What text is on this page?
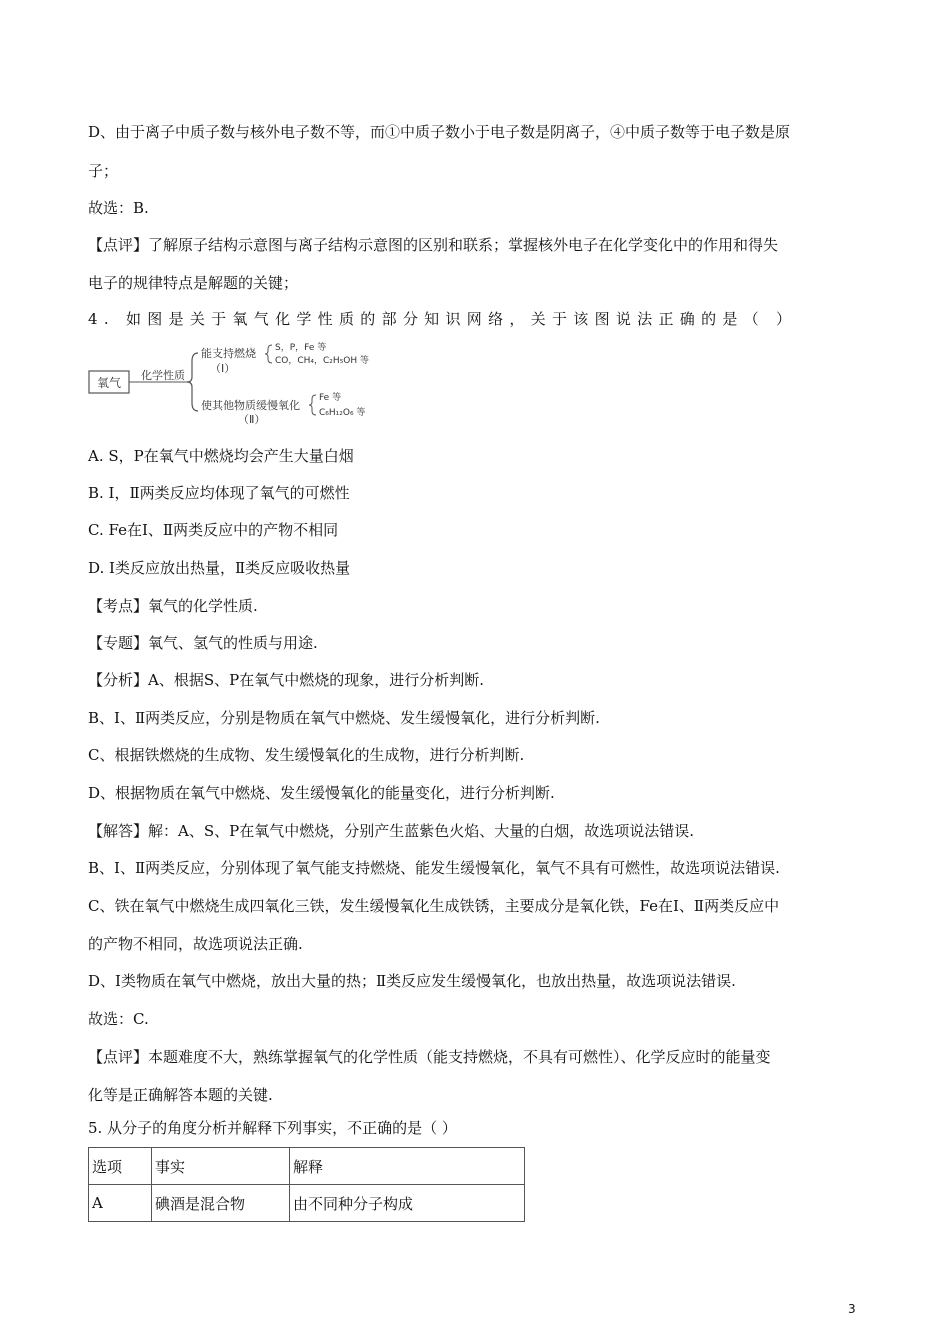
D、由于离子中质子数与核外电子数不等，而①中质子数小于电子数是阴离子，④中质子数等于电子数是原
子；
故选：B.
【点评】了解原子结构示意图与离子结构示意图的区别和联系；掌握核外电子在化学变化中的作用和得失
电子的规律特点是解题的关键；
4. 如图是关于氧气化学性质的部分知识网络，关于该图说法正确的是（ ）
氧气
化学性质
能支持燃烧
（Ⅰ）
S，P，Fe 等
CO，CH₄，C₂H₅OH 等
使其他物质缓慢氧化
（Ⅱ）
Fe 等
C₆H₁₂O₆ 等
A. S，P在氧气中燃烧均会产生大量白烟
B. Ⅰ，Ⅱ两类反应均体现了氧气的可燃性
C. Fe在Ⅰ、Ⅱ两类反应中的产物不相同
D. Ⅰ类反应放出热量，Ⅱ类反应吸收热量
【考点】氧气的化学性质.
【专题】氧气、氢气的性质与用途.
【分析】A、根据S、P在氧气中燃烧的现象，进行分析判断.
B、Ⅰ、Ⅱ两类反应，分别是物质在氧气中燃烧、发生缓慢氧化，进行分析判断.
C、根据铁燃烧的生成物、发生缓慢氧化的生成物，进行分析判断.
D、根据物质在氧气中燃烧、发生缓慢氧化的能量变化，进行分析判断.
【解答】解：A、S、P在氧气中燃烧，分别产生蓝紫色火焰、大量的白烟，故选项说法错误.
B、Ⅰ、Ⅱ两类反应，分别体现了氧气能支持燃烧、能发生缓慢氧化，氧气不具有可燃性，故选项说法错误.
C、铁在氧气中燃烧生成四氧化三铁，发生缓慢氧化生成铁锈，主要成分是氧化铁，Fe在Ⅰ、Ⅱ两类反应中
的产物不相同，故选项说法正确.
D、Ⅰ类物质在氧气中燃烧，放出大量的热；Ⅱ类反应发生缓慢氧化，也放出热量，故选项说法错误.
故选：C.
【点评】本题难度不大，熟练掌握氧气的化学性质（能支持燃烧，不具有可燃性）、化学反应时的能量变
化等是正确解答本题的关键.
5. 从分子的角度分析并解释下列事实，不正确的是（ ）
选项	事实	解释
A	碘酒是混合物	由不同种分子构成
3
